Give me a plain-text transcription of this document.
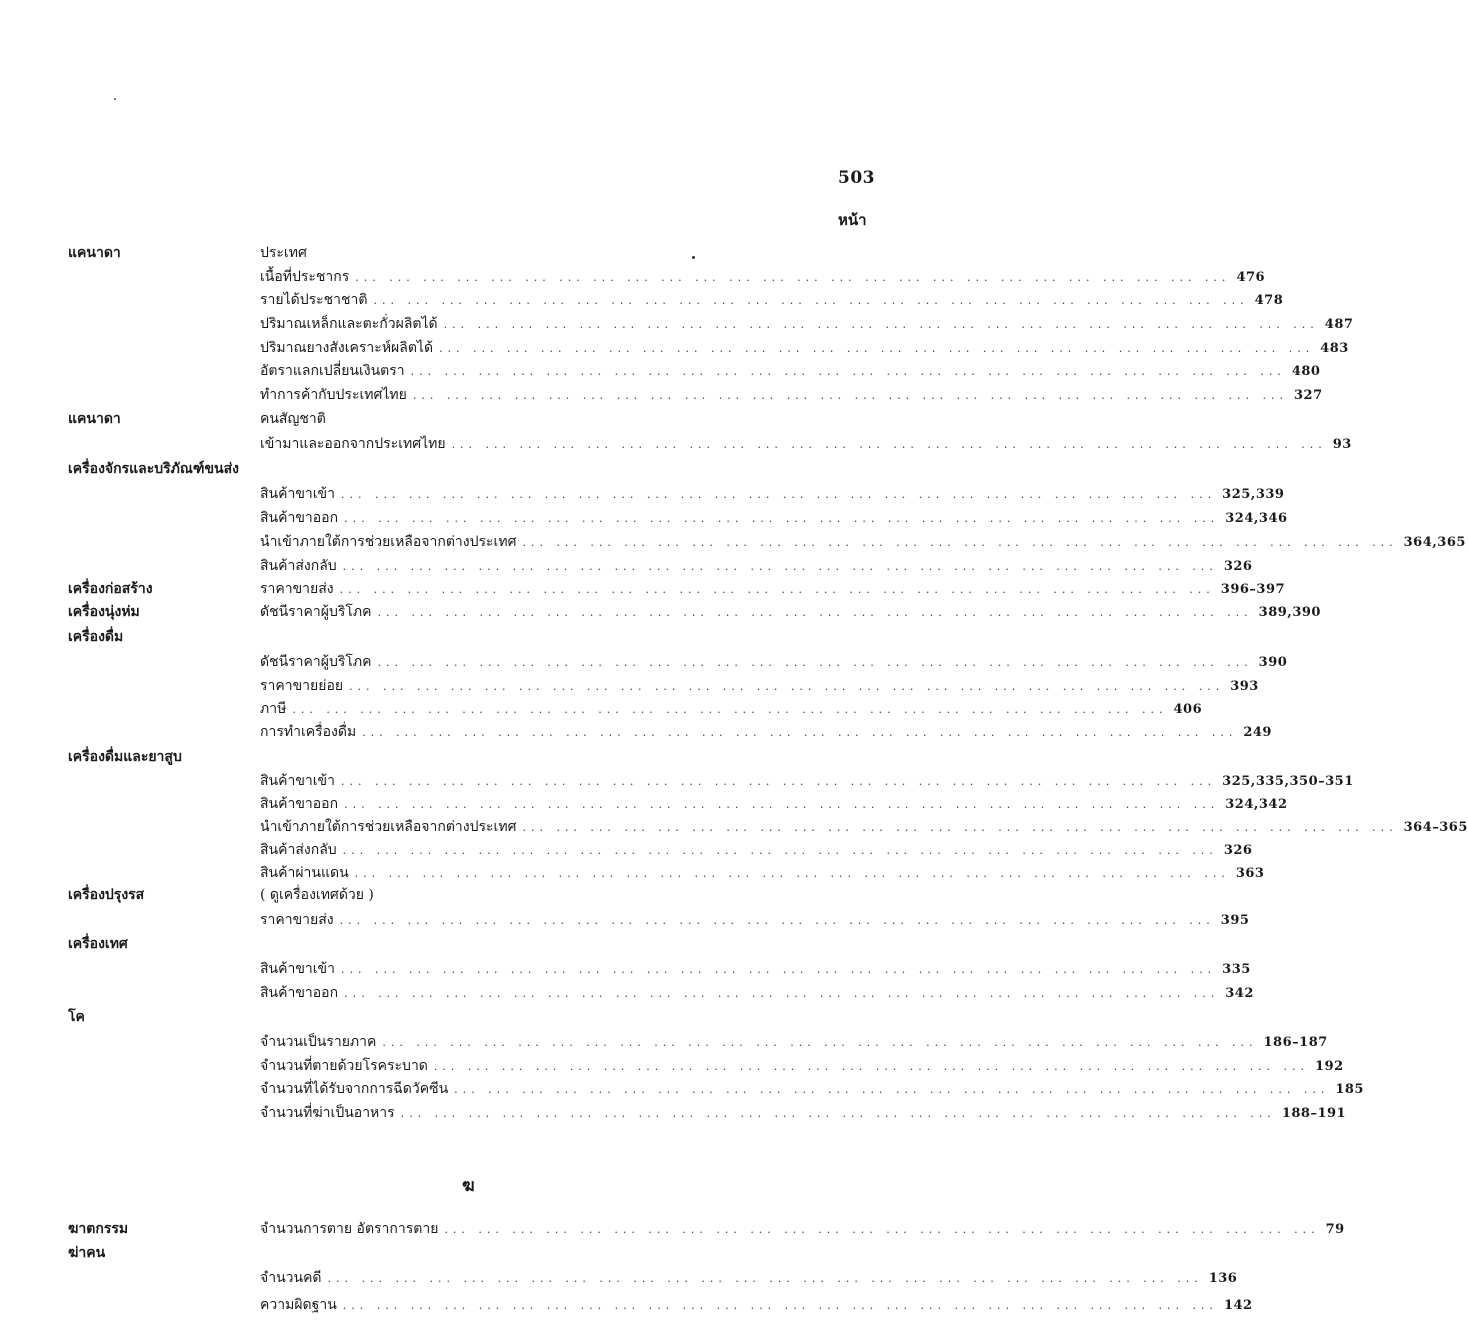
503
หน้า
แคนาดา	ประเทศ
เนื้อที่ประชากร ... ... ... ... ... ... ... ... ... ... ... ... ... ... ... ... ... ... ... ... ... ... ... ... ... ... 476
รายได้ประชาชาติ ... ... ... ... ... ... ... ... ... ... ... ... ... ... ... ... ... ... ... ... ... ... ... ... ... ... 478
ปริมาณเหล็กและตะกั่วผลิตได้ ... ... ... ... ... ... ... ... ... ... ... ... ... ... ... ... ... ... ... ... ... ... ... ... ... ... 487
ปริมาณยางสังเคราะห์ผลิตได้ ... ... ... ... ... ... ... ... ... ... ... ... ... ... ... ... ... ... ... ... ... ... ... ... ... ... 483
อัตราแลกเปลี่ยนเงินตรา ... ... ... ... ... ... ... ... ... ... ... ... ... ... ... ... ... ... ... ... ... ... ... ... ... ... 480
ทำการค้ากับประเทศไทย ... ... ... ... ... ... ... ... ... ... ... ... ... ... ... ... ... ... ... ... ... ... ... ... ... ... 327
แคนาดา	คนสัญชาติ
เข้ามาและออกจากประเทศไทย ... ... ... ... ... ... ... ... ... ... ... ... ... ... ... ... ... ... ... ... ... ... ... ... ... ... 93
เครื่องจักรและบริภัณฑ์ขนส่ง
สินค้าขาเข้า ... ... ... ... ... ... ... ... ... ... ... ... ... ... ... ... ... ... ... ... ... ... ... ... ... ... 325,339
สินค้าขาออก ... ... ... ... ... ... ... ... ... ... ... ... ... ... ... ... ... ... ... ... ... ... ... ... ... ... 324,346
นำเข้าภายใต้การช่วยเหลือจากต่างประเทศ ... ... ... ... ... ... ... ... ... ... ... ... ... ... ... ... ... ... ... ... ... ... ... ... ... ... 364,365
สินค้าส่งกลับ ... ... ... ... ... ... ... ... ... ... ... ... ... ... ... ... ... ... ... ... ... ... ... ... ... ... 326
เครื่องก่อสร้าง	ราคาขายส่ง ... ... ... ... ... ... ... ... ... ... ... ... ... ... ... ... ... ... ... ... ... ... ... ... ... ... 396–397
เครื่องนุ่งห่ม	ดัชนีราคาผู้บริโภค ... ... ... ... ... ... ... ... ... ... ... ... ... ... ... ... ... ... ... ... ... ... ... ... ... ... 389,390
เครื่องดื่ม
ดัชนีราคาผู้บริโภค ... ... ... ... ... ... ... ... ... ... ... ... ... ... ... ... ... ... ... ... ... ... ... ... ... ... 390
ราคาขายย่อย ... ... ... ... ... ... ... ... ... ... ... ... ... ... ... ... ... ... ... ... ... ... ... ... ... ... 393
ภาษี ... ... ... ... ... ... ... ... ... ... ... ... ... ... ... ... ... ... ... ... ... ... ... ... ... ... 406
การทำเครื่องดื่ม ... ... ... ... ... ... ... ... ... ... ... ... ... ... ... ... ... ... ... ... ... ... ... ... ... ... 249
เครื่องดื่มและยาสูบ
สินค้าขาเข้า ... ... ... ... ... ... ... ... ... ... ... ... ... ... ... ... ... ... ... ... ... ... ... ... ... ... 325,335,350–351
สินค้าขาออก ... ... ... ... ... ... ... ... ... ... ... ... ... ... ... ... ... ... ... ... ... ... ... ... ... ... 324,342
นำเข้าภายใต้การช่วยเหลือจากต่างประเทศ ... ... ... ... ... ... ... ... ... ... ... ... ... ... ... ... ... ... ... ... ... ... ... ... ... ... 364–365
สินค้าส่งกลับ ... ... ... ... ... ... ... ... ... ... ... ... ... ... ... ... ... ... ... ... ... ... ... ... ... ... 326
สินค้าผ่านแดน ... ... ... ... ... ... ... ... ... ... ... ... ... ... ... ... ... ... ... ... ... ... ... ... ... ... 363
เครื่องปรุงรส	( ดูเครื่องเทศด้วย )
ราคาขายส่ง ... ... ... ... ... ... ... ... ... ... ... ... ... ... ... ... ... ... ... ... ... ... ... ... ... ... 395
เครื่องเทศ
สินค้าขาเข้า ... ... ... ... ... ... ... ... ... ... ... ... ... ... ... ... ... ... ... ... ... ... ... ... ... ... 335
สินค้าขาออก ... ... ... ... ... ... ... ... ... ... ... ... ... ... ... ... ... ... ... ... ... ... ... ... ... ... 342
โค
จำนวนเป็นรายภาค ... ... ... ... ... ... ... ... ... ... ... ... ... ... ... ... ... ... ... ... ... ... ... ... ... ... 186–187
จำนวนที่ตายด้วยโรคระบาด ... ... ... ... ... ... ... ... ... ... ... ... ... ... ... ... ... ... ... ... ... ... ... ... ... ... 192
จำนวนที่ได้รับจากการฉีดวัคซีน ... ... ... ... ... ... ... ... ... ... ... ... ... ... ... ... ... ... ... ... ... ... ... ... ... ... 185
จำนวนที่ฆ่าเป็นอาหาร ... ... ... ... ... ... ... ... ... ... ... ... ... ... ... ... ... ... ... ... ... ... ... ... ... ... 188–191
ฆาตกรรม	จำนวนการตาย อัตราการตาย ... ... ... ... ... ... ... ... ... ... ... ... ... ... ... ... ... ... ... ... ... ... ... ... ... ... 79
ฆ่าคน
จำนวนคดี ... ... ... ... ... ... ... ... ... ... ... ... ... ... ... ... ... ... ... ... ... ... ... ... ... ... 136
ความผิดฐาน ... ... ... ... ... ... ... ... ... ... ... ... ... ... ... ... ... ... ... ... ... ... ... ... ... ... 142
ฆ
